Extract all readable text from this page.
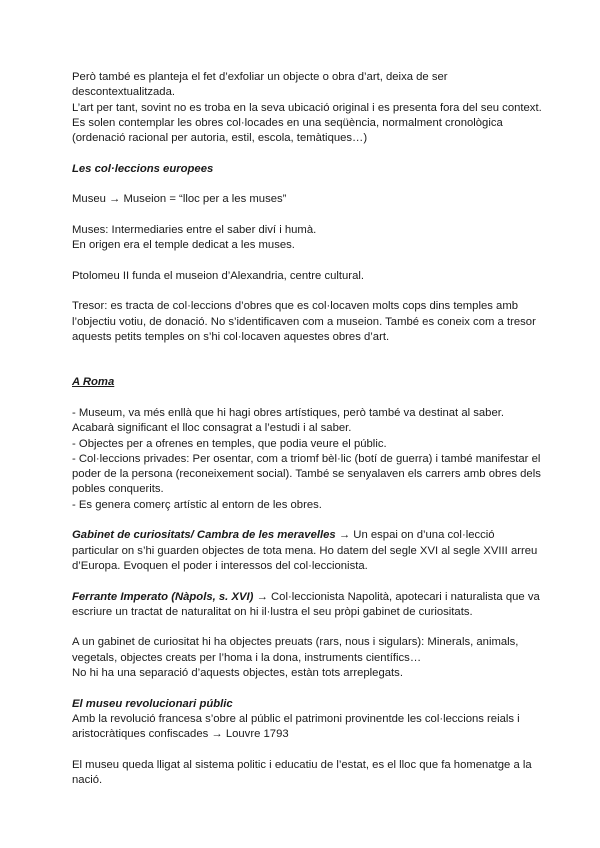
Però també es planteja el fet d’exfoliar un objecte o obra d’art, deixa de ser descontextualitzada.

L’art per tant, sovint no es troba en la seva ubicació original i es presenta fora del seu context.

Es solen contemplar les obres col·locades en una seqüència, normalment cronològica (ordenació racional per autoria, estil, escola, temàtiques…)

Les col·leccions europees

Museu → Museion = “lloc per a les muses”

Muses: Intermediaries entre el saber diví i humà.

En origen era el temple dedicat a les muses.

Ptolomeu II funda el museion d’Alexandria, centre cultural.

Tresor: es tracta de col·leccions d’obres que es col·locaven molts cops dins temples amb l’objectiu votiu, de donació. No s’identificaven com a museion. També es coneix com a tresor aquests petits temples on s’hi col·locaven aquestes obres d’art.

A Roma

- Museum, va més enllà que hi hagi obres artístiques, però també va destinat al saber. Acabarà significant el lloc consagrat a l’estudi i al saber.

- Objectes per a ofrenes en temples, que podia veure el públic.

- Col·leccions privades: Per osentar, com a triomf bèl·lic (botí de guerra) i també manifestar el poder de la persona (reconeixement social). També se senyalaven els carrers amb obres dels pobles conquerits.

- Es genera comerç artístic al entorn de les obres.

Gabinet de curiositats/ Cambra de les meravelles → Un espai on d’una col·lecció particular on s’hi guarden objectes de tota mena. Ho datem del segle XVI al segle XVIII arreu d’Europa. Evoquen el poder i interessos del col·leccionista.

Ferrante Imperato (Nàpols, s. XVI) → Col·leccionista Napolità, apotecari i naturalista que va escriure un tractat de naturalitat on hi il·lustra el seu pròpi gabinet de curiositats.

A un gabinet de curiositat hi ha objectes preuats (rars, nous i sigulars): Minerals, animals, vegetals, objectes creats per l’homa i la dona, instruments científics…

No hi ha una separació d’aquests objectes, estàn tots arreplegats.

El museu revolucionari públic

Amb la revolució francesa s’obre al públic el patrimoni provinentde les col·leccions reials i aristocràtiques confiscades → Louvre 1793

El museu queda lligat al sistema politic i educatiu de l’estat, es el lloc que fa homenatge a la nació.
